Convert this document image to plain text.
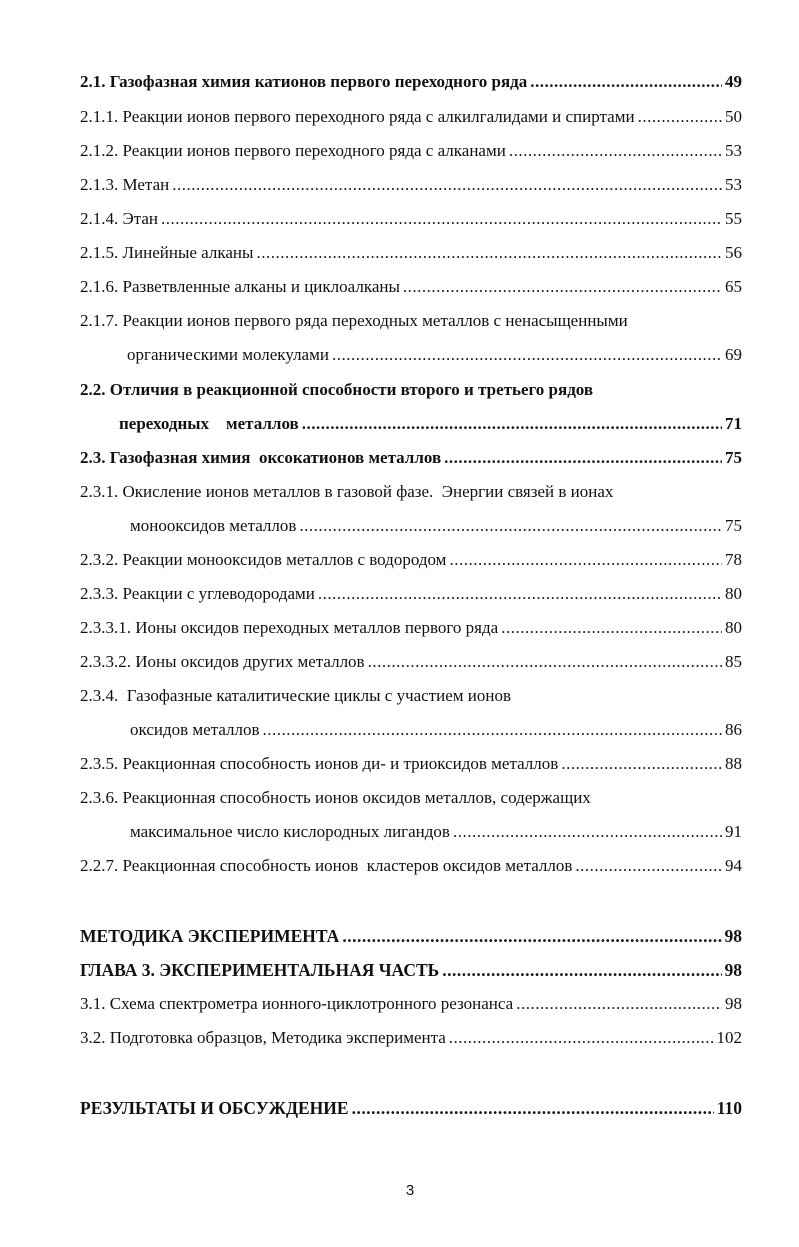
2.1. Газофазная химия катионов первого переходного ряда .....	49
2.1.1. Реакции ионов первого переходного ряда с алкилгалидами и спиртами .....	50
2.1.2. Реакции ионов первого переходного ряда с алканами .....	53
2.1.3. Метан .....	53
2.1.4. Этан .....	55
2.1.5. Линейные алканы .....	56
2.1.6. Разветвленные алканы и циклоалканы .....	65
2.1.7. Реакции ионов первого ряда переходных металлов с ненасыщенными
органическими молекулами .....	69
2.2. Отличия в реакционной способности второго и третьего рядов
переходных    металлов .....	71
2.3. Газофазная химия  оксокатионов металлов .....	75
2.3.1. Окисление ионов металлов в газовой фазе.  Энергии связей в ионах
монооксидов металлов .....	75
2.3.2. Реакции монооксидов металлов с водородом .....	78
2.3.3. Реакции с углеводородами .....	80
2.3.3.1. Ионы оксидов переходных металлов первого ряда .....	80
2.3.3.2. Ионы оксидов других металлов .....	85
2.3.4.  Газофазные каталитические циклы с участием ионов
оксидов металлов .....	86
2.3.5. Реакционная способность ионов ди- и триоксидов металлов .....	88
2.3.6. Реакционная способность ионов оксидов металлов, содержащих
максимальное число кислородных лигандов .....	91
2.2.7. Реакционная способность ионов  кластеров оксидов металлов .....	94
МЕТОДИКА ЭКСПЕРИМЕНТА .....	98
ГЛАВА 3. ЭКСПЕРИМЕНТАЛЬНАЯ ЧАСТЬ .....	98
3.1. Схема спектрометра ионного-циклотронного резонанса .....	98
3.2. Подготовка образцов, Методика эксперимента .....	102
РЕЗУЛЬТАТЫ И ОБСУЖДЕНИЕ .....	110
3
